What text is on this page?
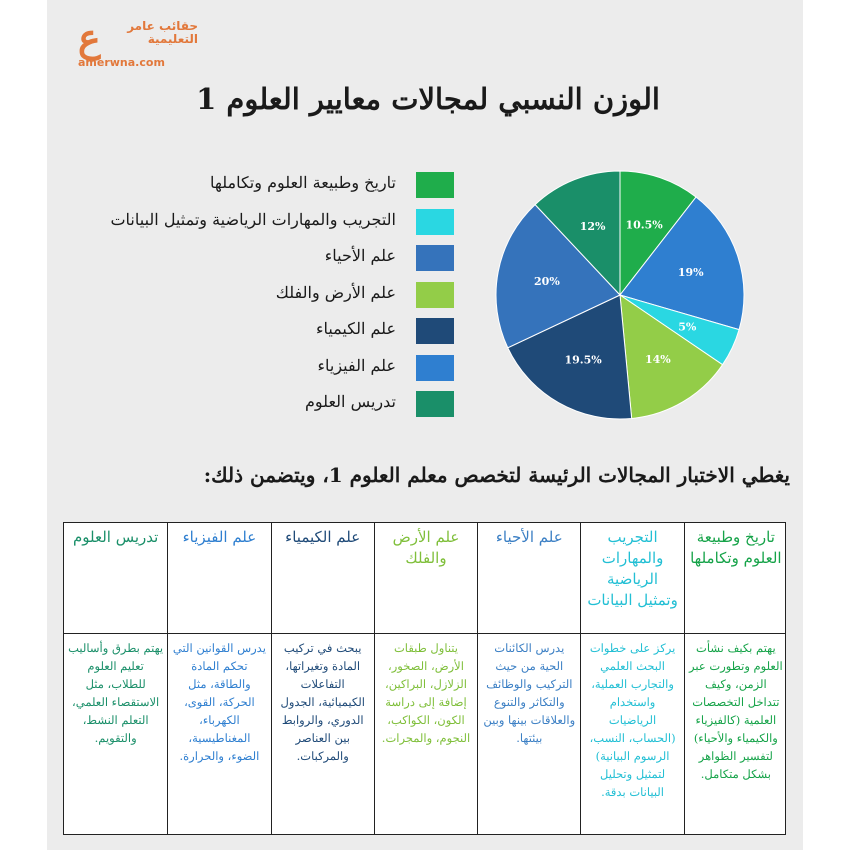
ع	حقائب عامر التعليمية
amerwna.com
الوزن النسبي لمجالات معايير العلوم 1
تاريخ وطبيعة العلوم وتكاملها
التجريب والمهارات الرياضية وتمثيل البيانات
علم الأحياء
علم الأرض والفلك
علم الكيمياء
علم الفيزياء
تدريس العلوم
10.5%
19%
5%
14%
19.5%
20%
12%
يغطي الاختبار المجالات الرئيسة لتخصص معلم العلوم 1، ويتضمن ذلك:
تاريخ وطبيعة العلوم وتكاملها
يهتم بكيف نشأت العلوم وتطورت عبر الزمن، وكيف تتداخل التخصصات العلمية (كالفيزياء والكيمياء والأحياء) لتفسير الظواهر بشكل متكامل.
التجريب والمهارات الرياضية وتمثيل البيانات
يركز على خطوات البحث العلمي والتجارب العملية، واستخدام الرياضيات (الحساب، النسب، الرسوم البيانية) لتمثيل وتحليل البيانات بدقة.
علم الأحياء
يدرس الكائنات الحية من حيث التركيب والوظائف والتكاثر والتنوع والعلاقات بينها وبين بيئتها.
علم الأرض والفلك
يتناول طبقات الأرض، الصخور، الزلازل، البراكين، إضافة إلى دراسة الكون، الكواكب، النجوم، والمجرات.
علم الكيمياء
يبحث في تركيب المادة وتغيراتها، التفاعلات الكيميائية، الجدول الدوري، والروابط بين العناصر والمركبات.
علم الفيزياء
يدرس القوانين التي تحكم المادة والطاقة، مثل الحركة، القوى، الكهرباء، المغناطيسية، الضوء، والحرارة.
تدريس العلوم
يهتم بطرق وأساليب تعليم العلوم للطلاب، مثل الاستقصاء العلمي، التعلم النشط، والتقويم.
